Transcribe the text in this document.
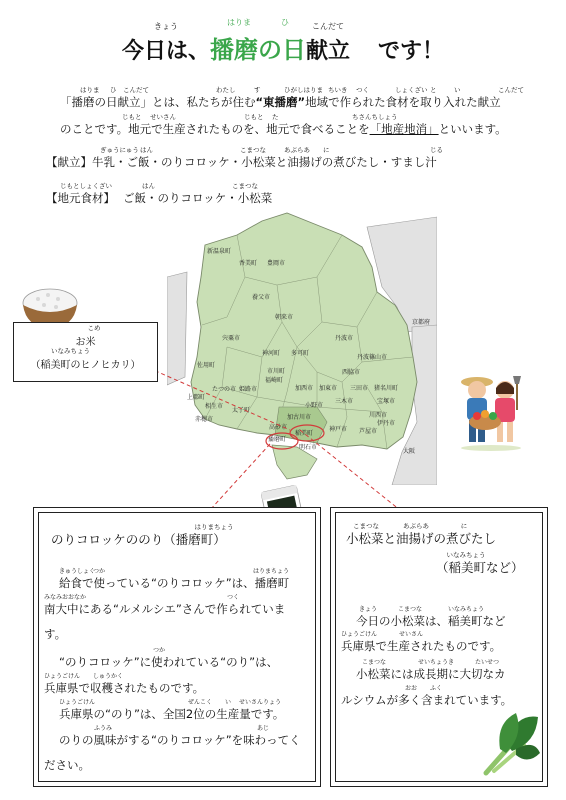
きょう
今日は、
はりま	ひ
播磨の日
こんだて
献立 です！
「播磨の日献立」とは、私たちが住む“東播磨”地域で作られた食材を取り入れた献立
のことです。地元で生産されたものを、地元で食べることを「地産地消」といいます。
はりま ひ こんだて	わたし	す	ひがしはりま ちいき つく	しょくざい と	い	こんだて
じもと せいさん	じもと た	ちさんちしょう
【献立】牛乳・ご飯・のりコロッケ・小松菜と油揚げの煮びたし・すまし汁
ぎゅうにゅう はん	こまつな	あぶらあ に	じる
【地元食材】 ご飯・のりコロッケ・小松菜
じもとしょくざい	はん	こまつな
新温泉町
香美町 豊岡市
養父市
朝来市
京都府
宍粟市
神河町 多可町
丹波市
丹波篠山市
佐用町
市川町
福崎町
西脇市
三田市 猪名川町
たつの市 姫路市	加西市 加東市
三木市	宝塚市
上郡町
相生市
太子町
小野市
川西市
赤穂市	加古川市
神戸市 芦屋市
伊丹市
高砂市
稲美町
播磨町
明石市
大阪
こめ
お米
いなみちょう
（稲美町のヒノヒカリ）
のりコロッケののり（播磨町）
はりまちょう
給食で使っている“のりコロッケ”は、播磨町
南大中にある“ルメルシエ”さんで作られていま
す。
“のりコロッケ”に使われている“のり”は、
兵庫県で収穫されたものです。
兵庫県の“のり”は、全国2位の生産量です。
のりの風味がする“のりコロッケ”を味わってく
ださい。
きゅうしょく
つか	はりまちょう
みなみおおなか	つく
つか
ひょうごけん しゅうかく
ひょうごけん	ぜんこく	い	せいさんりょう
ふうみ	あじ
小松菜と油揚げの煮びたし
（稲美町など）
こまつな	あぶらあ	に
いなみちょう
今日の小松菜は、稲美町など
兵庫県で生産されたものです。
小松菜には成長期に大切なカ
ルシウムが多く含まれています。
きょう	こまつな	いなみちょう
ひょうごけん	せいさん
こまつな	せいちょうき	たいせつ
おお ふく
